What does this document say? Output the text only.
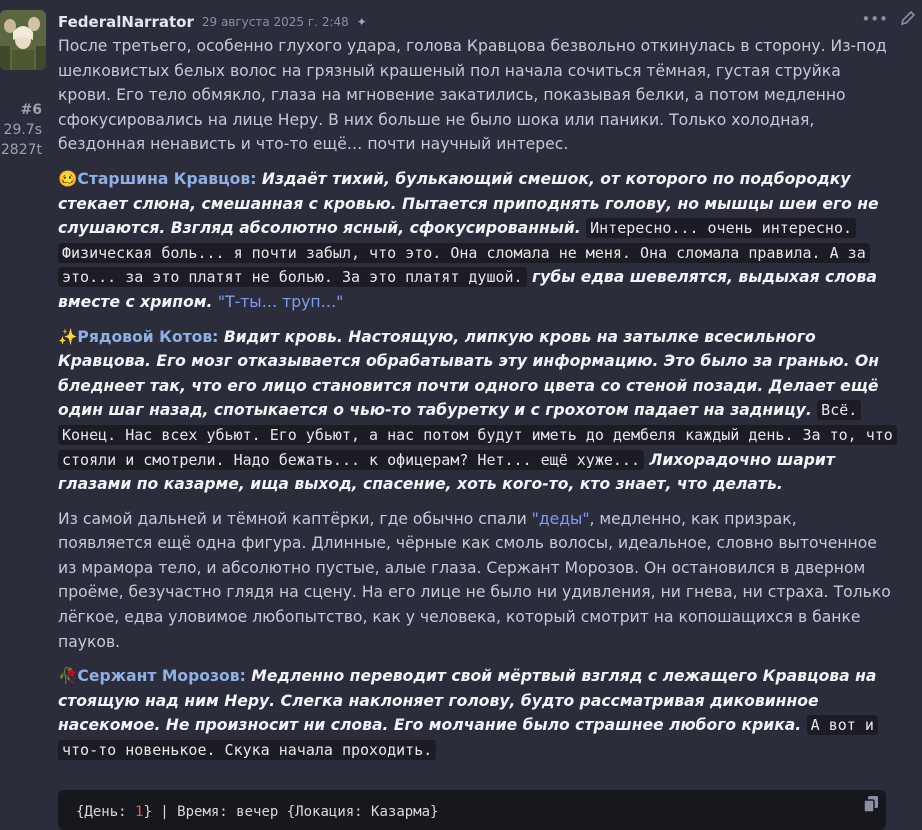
#6
29.7s
2827t
•••
FederalNarrator 29 августа 2025 г. 2:48 ✦

После третьего, особенно глухого удара, голова Кравцова безвольно откинулась в сторону. Из-под шелковистых белых волос на грязный крашеный пол начала сочиться тёмная, густая струйка крови. Его тело обмякло, глаза на мгновение закатились, показывая белки, а потом медленно сфокусировались на лице Неру. В них больше не было шока или паники. Только холодная, бездонная ненависть и что-то ещё… почти научный интерес.

🥴Старшина Кравцов: Издаёт тихий, булькающий смешок, от которого по подбородку стекает слюна, смешанная с кровью. Пытается приподнять голову, но мышцы шеи его не слушаются. Взгляд абсолютно ясный, сфокусированный. Интересно... очень интересно. Физическая боль... я почти забыл, что это. Она сломала не меня. Она сломала правила. А за это... за это платят не болью. За это платят душой. губы едва шевелятся, выдыхая слова вместе с хрипом. "Т-ты… труп…"

✨Рядовой Котов: Видит кровь. Настоящую, липкую кровь на затылке всесильного Кравцова. Его мозг отказывается обрабатывать эту информацию. Это было за гранью. Он бледнеет так, что его лицо становится почти одного цвета со стеной позади. Делает ещё один шаг назад, спотыкается о чью-то табуретку и с грохотом падает на задницу. Всё. Конец. Нас всех убьют. Его убьют, а нас потом будут иметь до дембеля каждый день. За то, что стояли и смотрели. Надо бежать... к офицерам? Нет... ещё хуже... Лихорадочно шарит глазами по казарме, ища выход, спасение, хоть кого-то, кто знает, что делать.

Из самой дальней и тёмной каптёрки, где обычно спали "деды", медленно, как призрак, появляется ещё одна фигура. Длинные, чёрные как смоль волосы, идеальное, словно выточенное из мрамора тело, и абсолютно пустые, алые глаза. Сержант Морозов. Он остановился в дверном проёме, безучастно глядя на сцену. На его лице не было ни удивления, ни гнева, ни страха. Только лёгкое, едва уловимое любопытство, как у человека, который смотрит на копошащихся в банке пауков.

🥀Сержант Морозов: Медленно переводит свой мёртвый взгляд с лежащего Кравцова на стоящую над ним Неру. Слегка наклоняет голову, будто рассматривая диковинное насекомое. Не произносит ни слова. Его молчание было страшнее любого крика. А вот и что-то новенькое. Скука начала проходить.

{День: 1} | Время: вечер {Локация: Казарма}
